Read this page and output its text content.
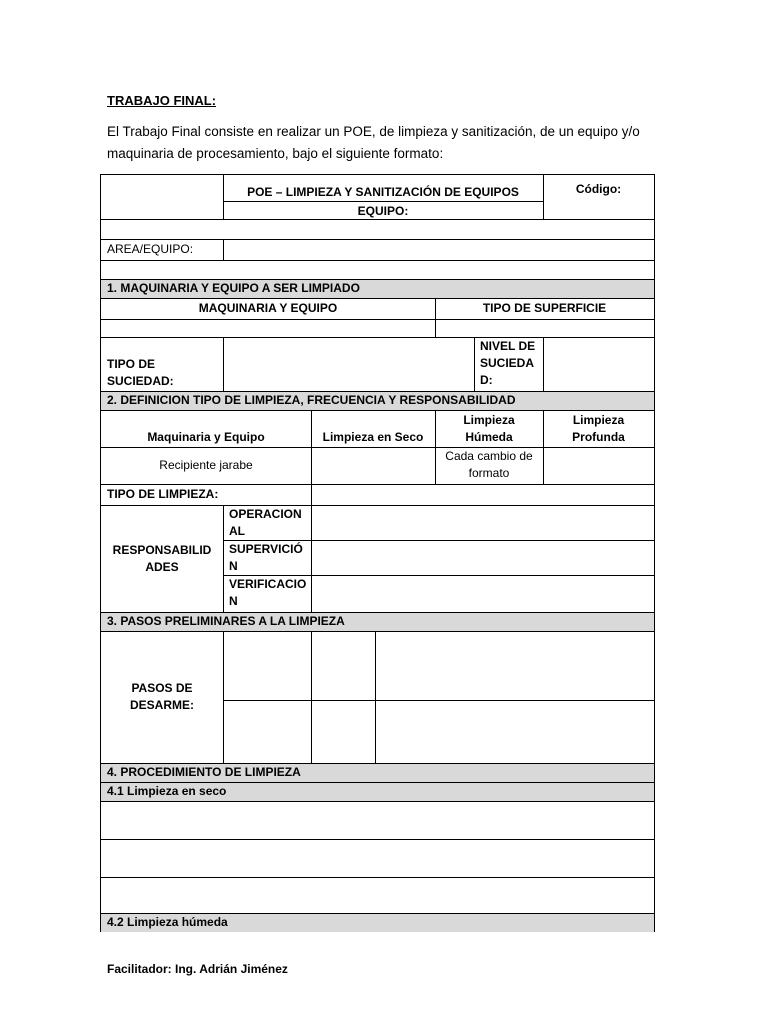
TRABAJO FINAL:
El Trabajo Final consiste en realizar un POE, de limpieza y sanitización, de un equipo y/o maquinaria de procesamiento, bajo el siguiente formato:
1. MAQUINARIA Y EQUIPO A SER LIMPIADO
2. DEFINICION TIPO DE LIMPIEZA, FRECUENCIA Y RESPONSABILIDAD
3. PASOS PRELIMINARES A LA LIMPIEZA
4. PROCEDIMIENTO DE LIMPIEZA
4.1 Limpieza en seco
4.2 Limpieza húmeda
POE – LIMPIEZA Y SANITIZACIÓN DE EQUIPOS
EQUIPO:
Código:
AREA/EQUIPO:
MAQUINARIA Y EQUIPO	TIPO DE SUPERFICIE
TIPO DE SUCIEDAD:
NIVEL DE SUCIEDA D:
Maquinaria y Equipo	Limpieza en Seco
Limpieza Húmeda
Limpieza Profunda
Recipiente jarabe
Cada cambio de formato
TIPO DE LIMPIEZA:
RESPONSABILIDADES
OPERACIONAL
SUPERVICIÓN
VERIFICACION
PASOS DE DESARME:
Facilitador: Ing. Adrián Jiménez
